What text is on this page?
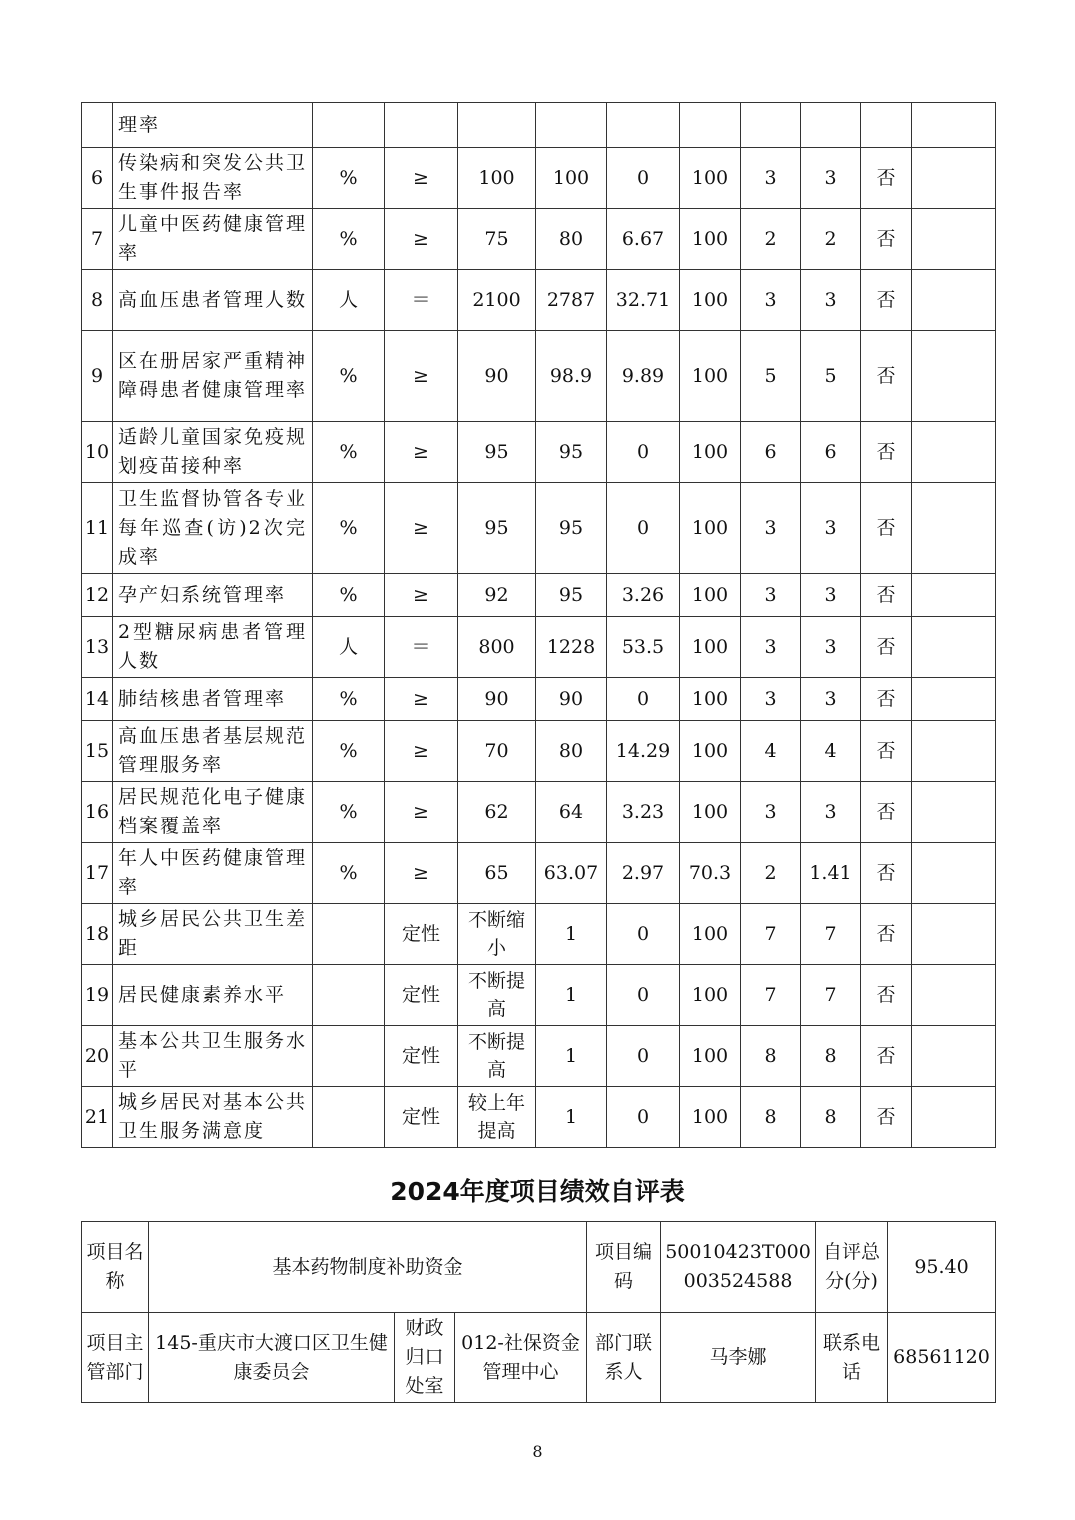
	理率										
6	传染病和突发公共卫生事件报告率	%	≥	100	100	0	100	3	3	否	
7	儿童中医药健康管理率	%	≥	75	80	6.67	100	2	2	否	
8	高血压患者管理人数	人	＝	2100	2787	32.71	100	3	3	否	
9	区在册居家严重精神障碍患者健康管理率	%	≥	90	98.9	9.89	100	5	5	否	
10	适龄儿童国家免疫规划疫苗接种率	%	≥	95	95	0	100	6	6	否	
11	卫生监督协管各专业每年巡查(访)2次完成率	%	≥	95	95	0	100	3	3	否	
12	孕产妇系统管理率	%	≥	92	95	3.26	100	3	3	否	
13	2型糖尿病患者管理人数	人	＝	800	1228	53.5	100	3	3	否	
14	肺结核患者管理率	%	≥	90	90	0	100	3	3	否	
15	高血压患者基层规范管理服务率	%	≥	70	80	14.29	100	4	4	否	
16	居民规范化电子健康档案覆盖率	%	≥	62	64	3.23	100	3	3	否	
17	年人中医药健康管理率	%	≥	65	63.07	2.97	70.3	2	1.41	否	
18	城乡居民公共卫生差距		定性	不断缩小	1	0	100	7	7	否	
19	居民健康素养水平		定性	不断提高	1	0	100	7	7	否	
20	基本公共卫生服务水平		定性	不断提高	1	0	100	8	8	否	
21	城乡居民对基本公共卫生服务满意度		定性	较上年提高	1	0	100	8	8	否	
2024年度项目绩效自评表
项目名称	基本药物制度补助资金			项目编码	50010423T000003524588	自评总分(分)	95.40
项目主管部门	145-重庆市大渡口区卫生健康委员会	财政归口处室	012-社保资金管理中心	部门联系人	马李娜	联系电话	68561120
8
